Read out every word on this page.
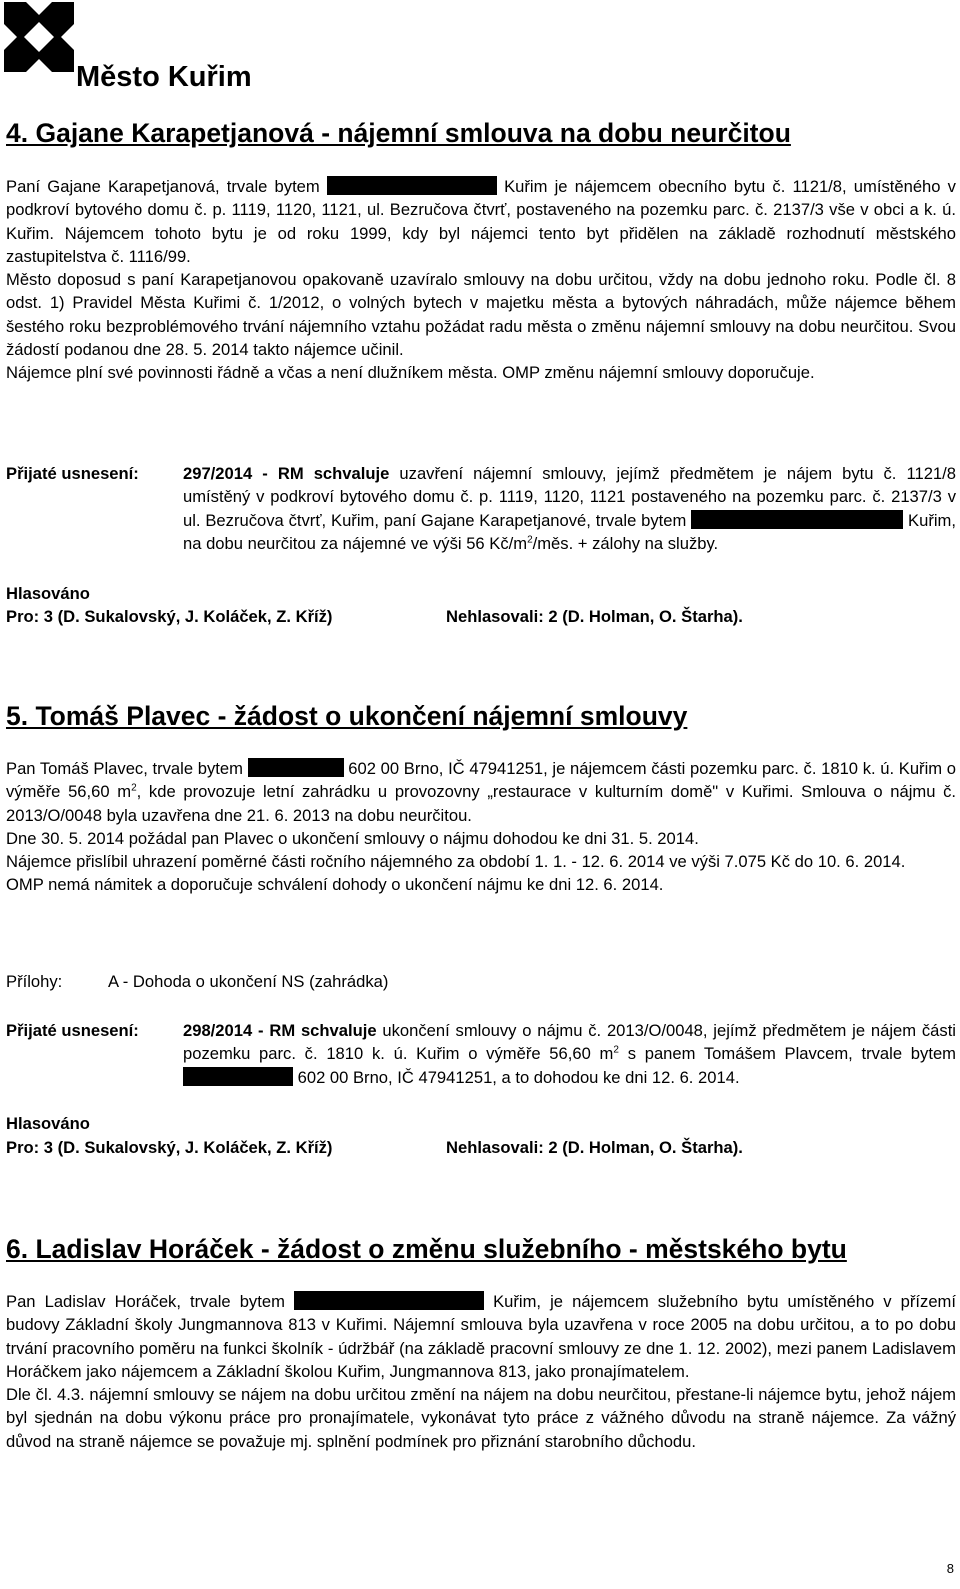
Město Kuřim
4. Gajane Karapetjanová - nájemní smlouva na dobu neurčitou

Paní Gajane Karapetjanová, trvale bytem	Kuřim je nájemcem obecního bytu č. 1121/8, umístěného v podkroví bytového domu č. p. 1119, 1120, 1121, ul. Bezručova čtvrť, postaveného na pozemku parc. č. 2137/3 vše v obci a k. ú. Kuřim. Nájemcem tohoto bytu je od roku 1999, kdy byl nájemci tento byt přidělen na základě rozhodnutí městského zastupitelstva č. 1116/99.

Město doposud s paní Karapetjanovou opakovaně uzavíralo smlouvy na dobu určitou, vždy na dobu jednoho roku. Podle čl. 8 odst. 1) Pravidel Města Kuřimi č. 1/2012, o volných bytech v majetku města a bytových náhradách, může nájemce během šestého roku bezproblémového trvání nájemního vztahu požádat radu města o změnu nájemní smlouvy na dobu neurčitou. Svou žádostí podanou dne 28. 5. 2014 takto nájemce učinil.

Nájemce plní své povinnosti řádně a včas a není dlužníkem města. OMP změnu nájemní smlouvy doporučuje.

Přijaté usnesení:	297/2014 - RM schvaluje uzavření nájemní smlouvy, jejímž předmětem je nájem bytu č. 1121/8 umístěný v podkroví bytového domu č. p. 1119, 1120, 1121 postaveného na pozemku parc. č. 2137/3 v ul. Bezručova čtvrť, Kuřim, paní Gajane Karapetjanové, trvale bytem	Kuřim, na dobu neurčitou za nájemné ve výši 56 $Kč/m^2$/měs. + zálohy na služby.
Hlasováno
Pro: 3 (D. Sukalovský, J. Koláček, Z. Kříž)	Nehlasovali: 2 (D. Holman, O. Štarha).
5. Tomáš Plavec - žádost o ukončení nájemní smlouvy

Pan Tomáš Plavec, trvale bytem	602 00 Brno, IČ 47941251, je nájemcem části pozemku parc. č. 1810 k. ú. Kuřim o výměře 56,60 $m^2$, kde provozuje letní zahrádku u provozovny „restaurace v kulturním domě" v Kuřimi. Smlouva o nájmu č. 2013/O/0048 byla uzavřena dne 21. 6. 2013 na dobu neurčitou.

Dne 30. 5. 2014 požádal pan Plavec o ukončení smlouvy o nájmu dohodou ke dni 31. 5. 2014.

Nájemce přislíbil uhrazení poměrné části ročního nájemného za období 1. 1. - 12. 6. 2014 ve výši 7.075 Kč do 10. 6. 2014.

OMP nemá námitek a doporučuje schválení dohody o ukončení nájmu ke dni 12. 6. 2014.

Přílohy:	A - Dohoda o ukončení NS (zahrádka)
Přijaté usnesení:	298/2014 - RM schvaluje ukončení smlouvy o nájmu č. 2013/O/0048, jejímž předmětem je nájem části pozemku parc. č. 1810 k. ú. Kuřim o výměře 56,60 $m^2$ s panem Tomášem Plavcem, trvale bytem  602 00 Brno, IČ 47941251, a to dohodou ke dni 12. 6. 2014.
Hlasováno
Pro: 3 (D. Sukalovský, J. Koláček, Z. Kříž)	Nehlasovali: 2 (D. Holman, O. Štarha).
6. Ladislav Horáček - žádost o změnu služebního - městského bytu

Pan Ladislav Horáček, trvale bytem	Kuřim, je nájemcem služebního bytu umístěného v přízemí budovy Základní školy Jungmannova 813 v Kuřimi. Nájemní smlouva byla uzavřena v roce 2005 na dobu určitou, a to po dobu trvání pracovního poměru na funkci školník - údržbář (na základě pracovní smlouvy ze dne 1. 12. 2002), mezi panem Ladislavem Horáčkem jako nájemcem a Základní školou Kuřim, Jungmannova 813, jako pronajímatelem.

Dle čl. 4.3. nájemní smlouvy se nájem na dobu určitou změní na nájem na dobu neurčitou, přestane-li nájemce bytu, jehož nájem byl sjednán na dobu výkonu práce pro pronajímatele, vykonávat tyto práce z vážného důvodu na straně nájemce. Za vážný důvod na straně nájemce se považuje mj. splnění podmínek pro přiznání starobního důchodu.

8
